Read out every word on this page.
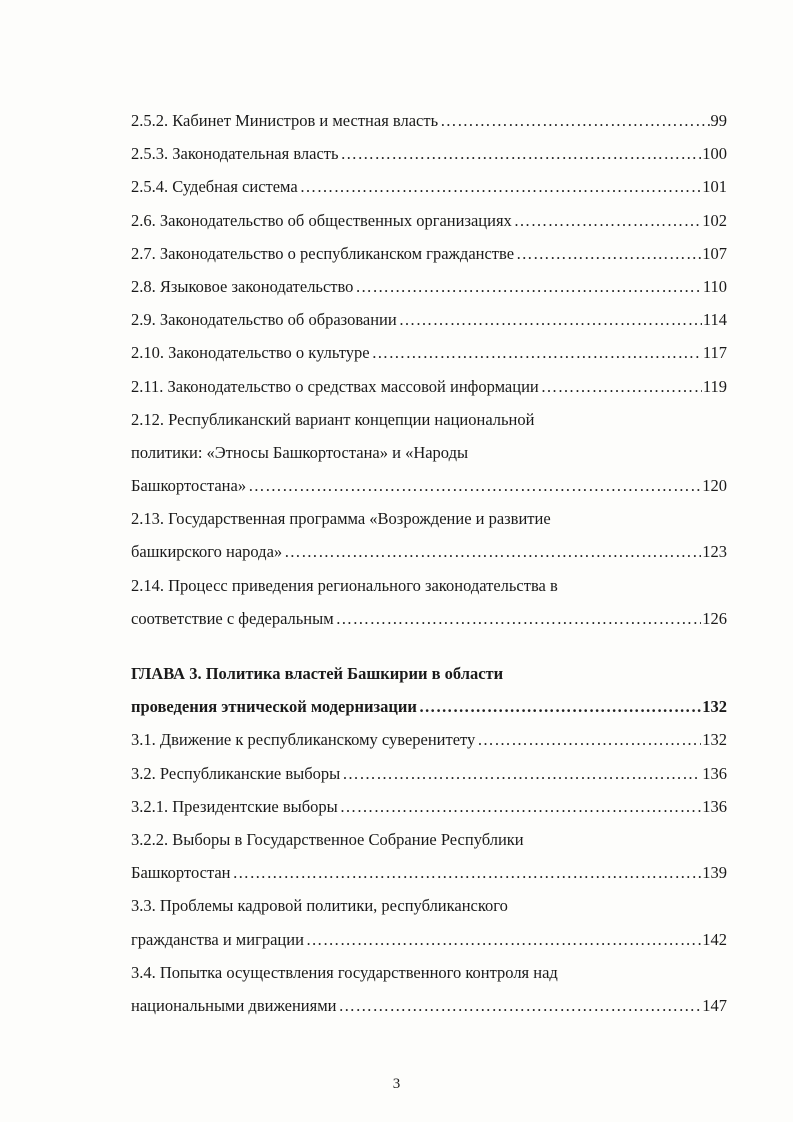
2.5.2. Кабинет Министров и местная власть …………………………………………………………………………………………………………………………………………………………	99
2.5.3. Законодательная власть …………………………………………………………………………………………………………………………………………………………	100
2.5.4. Судебная система …………………………………………………………………………………………………………………………………………………………	101
2.6. Законодательство об общественных организациях …………………………………………………………………………………………………………………………………………………………	102
2.7. Законодательство о республиканском гражданстве …………………………………………………………………………………………………………………………………………………………	107
2.8. Языковое законодательство …………………………………………………………………………………………………………………………………………………………	110
2.9. Законодательство об образовании …………………………………………………………………………………………………………………………………………………………	114
2.10. Законодательство о культуре …………………………………………………………………………………………………………………………………………………………	117
2.11. Законодательство о средствах массовой информации …………………………………………………………………………………………………………………………………………………………	119
2.12. Республиканский вариант концепции национальной
политики: «Этносы Башкортостана» и «Народы
Башкортостана» …………………………………………………………………………………………………………………………………………………………	120
2.13. Государственная программа «Возрождение и развитие
башкирского народа» …………………………………………………………………………………………………………………………………………………………	123
2.14. Процесс приведения регионального законодательства в
соответствие с федеральным …………………………………………………………………………………………………………………………………………………………	126
ГЛАВА 3. Политика властей Башкирии в области
проведения этнической модернизации …………………………………………………………………………………………………………………………………………………………	132
3.1. Движение к республиканскому суверенитету …………………………………………………………………………………………………………………………………………………………	132
3.2. Республиканские выборы …………………………………………………………………………………………………………………………………………………………	136
3.2.1. Президентские выборы …………………………………………………………………………………………………………………………………………………………	136
3.2.2. Выборы в Государственное Собрание Республики
Башкортостан …………………………………………………………………………………………………………………………………………………………	139
3.3. Проблемы кадровой политики, республиканского
гражданства и миграции …………………………………………………………………………………………………………………………………………………………	142
3.4. Попытка осуществления государственного контроля над
национальными движениями …………………………………………………………………………………………………………………………………………………………	147
3
